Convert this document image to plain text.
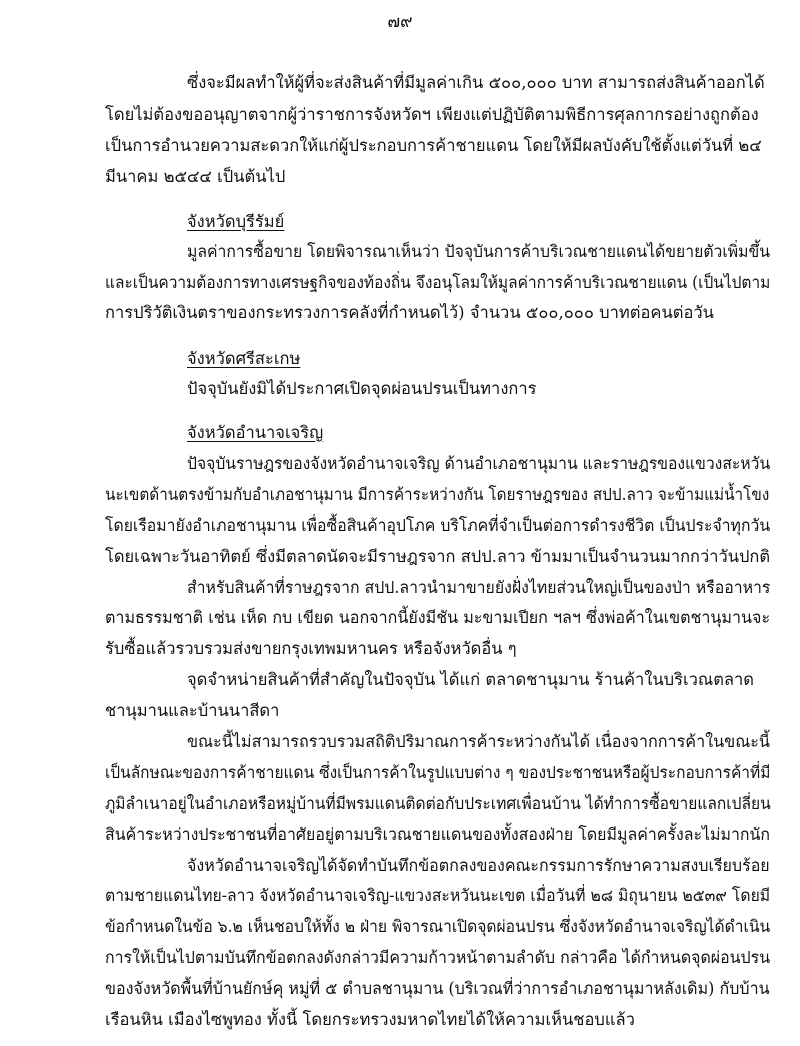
๗๙
ซึ่งจะมีผลทำให้ผู้ที่จะส่งสินค้าที่มีมูลค่าเกิน ๕๐๐,๐๐๐ บาท สามารถส่งสินค้าออกได้
โดยไม่ต้องขออนุญาตจากผู้ว่าราชการจังหวัดฯ เพียงแต่ปฏิบัติตามพิธีการศุลกากรอย่างถูกต้อง
เป็นการอำนวยความสะดวกให้แก่ผู้ประกอบการค้าชายแดน โดยให้มีผลบังคับใช้ตั้งแต่วันที่ ๒๔
มีนาคม ๒๕๔๔ เป็นต้นไป
จังหวัดบุรีรัมย์
มูลค่าการซื้อขาย โดยพิจารณาเห็นว่า ปัจจุบันการค้าบริเวณชายแดนได้ขยายตัวเพิ่มขึ้น
และเป็นความต้องการทางเศรษฐกิจของท้องถิ่น จึงอนุโลมให้มูลค่าการค้าบริเวณชายแดน (เป็นไปตาม
การปริวัติเงินตราของกระทรวงการคลังที่กำหนดไว้) จำนวน ๕๐๐,๐๐๐ บาทต่อคนต่อวัน
จังหวัดศรีสะเกษ
ปัจจุบันยังมิได้ประกาศเปิดจุดผ่อนปรนเป็นทางการ
จังหวัดอำนาจเจริญ
ปัจจุบันราษฎรของจังหวัดอำนาจเจริญ ด้านอำเภอชานุมาน และราษฎรของแขวงสะหวัน
นะเขตด้านตรงข้ามกับอำเภอชานุมาน มีการค้าระหว่างกัน โดยราษฎรของ สปป.ลาว จะข้ามแม่น้ำโขง
โดยเรือมายังอำเภอชานุมาน เพื่อซื้อสินค้าอุปโภค บริโภคที่จำเป็นต่อการดำรงชีวิต เป็นประจำทุกวัน
โดยเฉพาะวันอาทิตย์ ซึ่งมีตลาดนัดจะมีราษฎรจาก สปป.ลาว ข้ามมาเป็นจำนวนมากกว่าวันปกติ
สำหรับสินค้าที่ราษฎรจาก สปป.ลาวนำมาขายยังฝั่งไทยส่วนใหญ่เป็นของป่า หรืออาหาร
ตามธรรมชาติ เช่น เห็ด กบ เขียด นอกจากนี้ยังมีชัน มะขามเปียก ฯลฯ ซึ่งพ่อค้าในเขตชานุมานจะ
รับซื้อแล้วรวบรวมส่งขายกรุงเทพมหานคร หรือจังหวัดอื่น ๆ
จุดจำหน่ายสินค้าที่สำคัญในปัจจุบัน ได้แก่ ตลาดชานุมาน ร้านค้าในบริเวณตลาด
ชานุมานและบ้านนาสีดา
ขณะนี้ไม่สามารถรวบรวมสถิติปริมาณการค้าระหว่างกันได้ เนื่องจากการค้าในขณะนี้
เป็นลักษณะของการค้าชายแดน ซึ่งเป็นการค้าในรูปแบบต่าง ๆ ของประชาชนหรือผู้ประกอบการค้าที่มี
ภูมิลำเนาอยู่ในอำเภอหรือหมู่บ้านที่มีพรมแดนติดต่อกับประเทศเพื่อนบ้าน ได้ทำการซื้อขายแลกเปลี่ยน
สินค้าระหว่างประชาชนที่อาศัยอยู่ตามบริเวณชายแดนของทั้งสองฝ่าย โดยมีมูลค่าครั้งละไม่มากนัก
จังหวัดอำนาจเจริญได้จัดทำบันทึกข้อตกลงของคณะกรรมการรักษาความสงบเรียบร้อย
ตามชายแดนไทย-ลาว จังหวัดอำนาจเจริญ-แขวงสะหวันนะเขต เมื่อวันที่ ๒๘ มิถุนายน ๒๕๓๙ โดยมี
ข้อกำหนดในข้อ ๖.๒ เห็นชอบให้ทั้ง ๒ ฝ่าย พิจารณาเปิดจุดผ่อนปรน ซึ่งจังหวัดอำนาจเจริญได้ดำเนิน
การให้เป็นไปตามบันทึกข้อตกลงดังกล่าวมีความก้าวหน้าตามลำดับ กล่าวคือ ได้กำหนดจุดผ่อนปรน
ของจังหวัดพื้นที่บ้านยักษ์คุ หมู่ที่ ๕ ตำบลชานุมาน (บริเวณที่ว่าการอำเภอชานุมาหลังเดิม) กับบ้าน
เรือนหิน เมืองไซพูทอง ทั้งนี้ โดยกระทรวงมหาดไทยได้ให้ความเห็นชอบแล้ว
